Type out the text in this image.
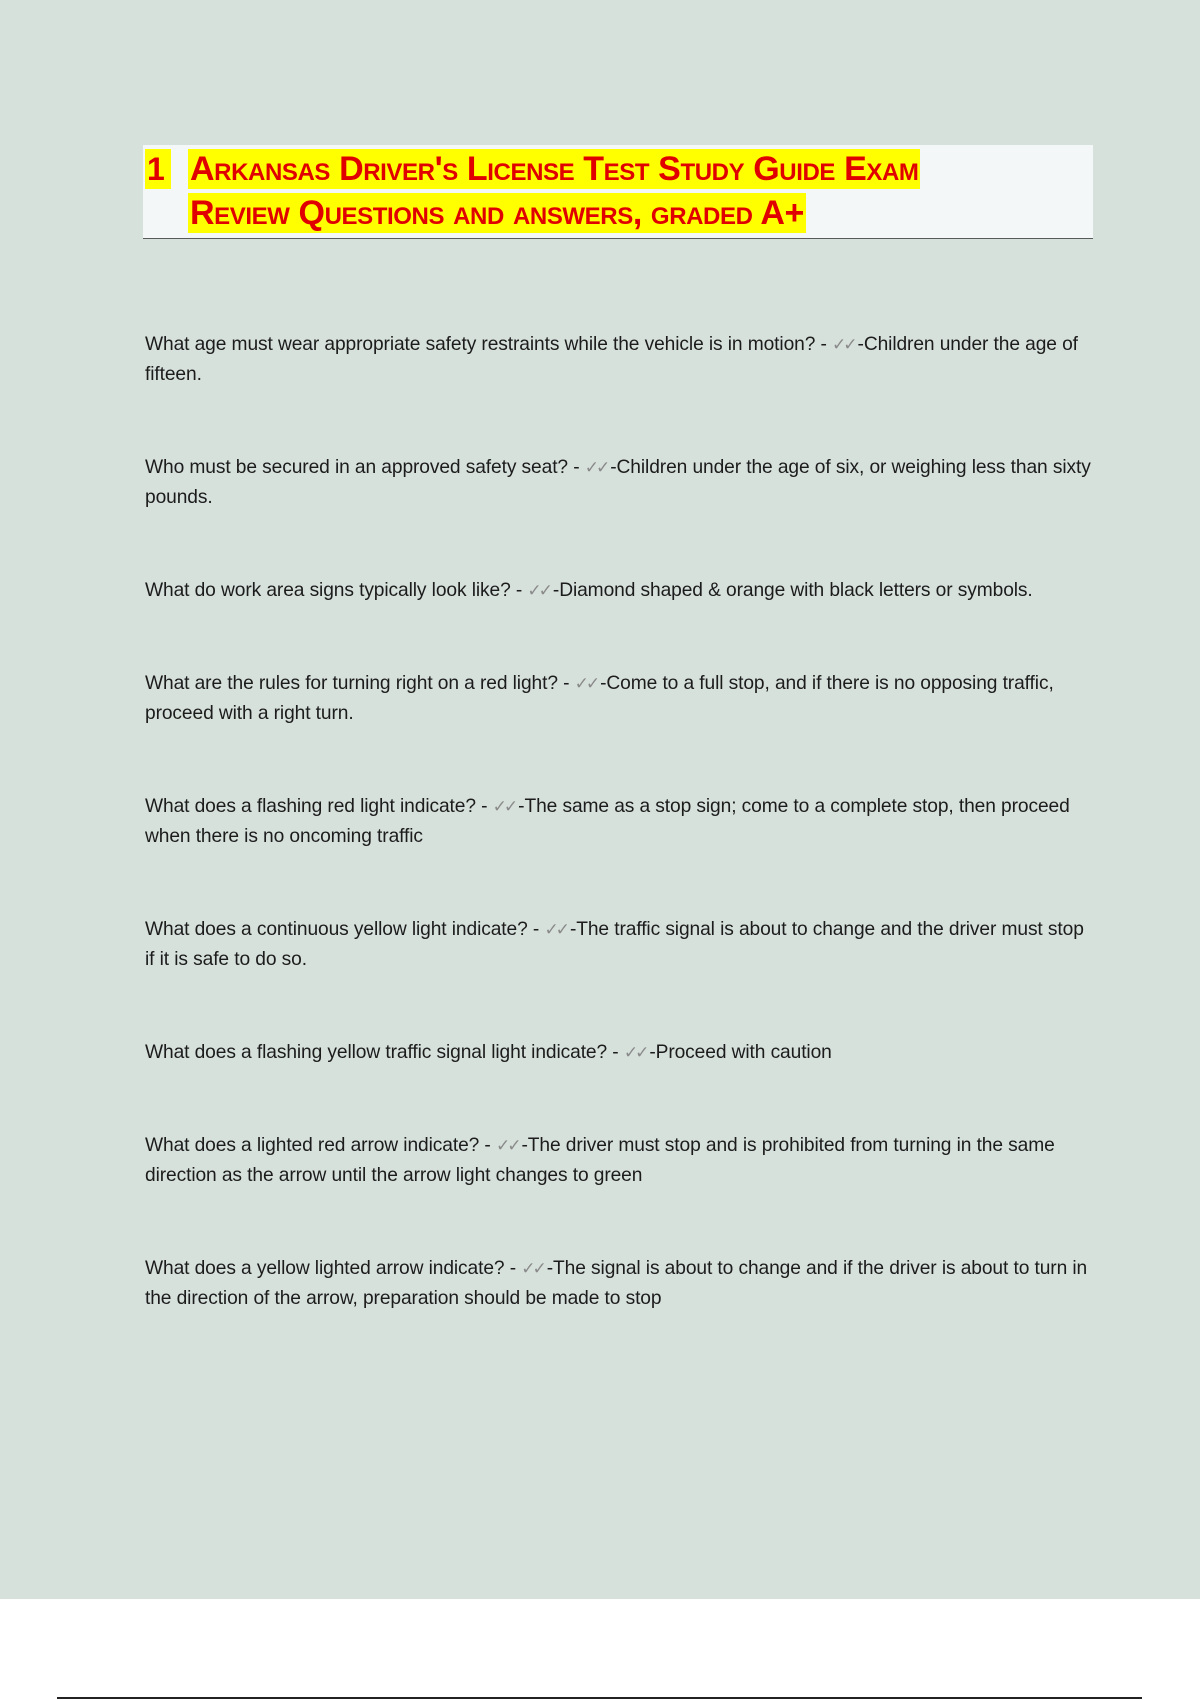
1 Arkansas Driver's License Test Study Guide Exam
Review Questions and answers, graded A+

What age must wear appropriate safety restraints while the vehicle is in motion? - ✓✓ -Children under the age of fifteen.

Who must be secured in an approved safety seat? - ✓✓ -Children under the age of six, or weighing less than sixty pounds.

What do work area signs typically look like? - ✓✓ -Diamond shaped & orange with black letters or symbols.

What are the rules for turning right on a red light? - ✓✓ -Come to a full stop, and if there is no opposing traffic, proceed with a right turn.

What does a flashing red light indicate? - ✓✓ -The same as a stop sign; come to a complete stop, then proceed when there is no oncoming traffic

What does a continuous yellow light indicate? - ✓✓ -The traffic signal is about to change and the driver must stop if it is safe to do so.

What does a flashing yellow traffic signal light indicate? - ✓✓ -Proceed with caution

What does a lighted red arrow indicate? - ✓✓ -The driver must stop and is prohibited from turning in the same direction as the arrow until the arrow light changes to green

What does a yellow lighted arrow indicate? - ✓✓ -The signal is about to change and if the driver is about to turn in the direction of the arrow, preparation should be made to stop
